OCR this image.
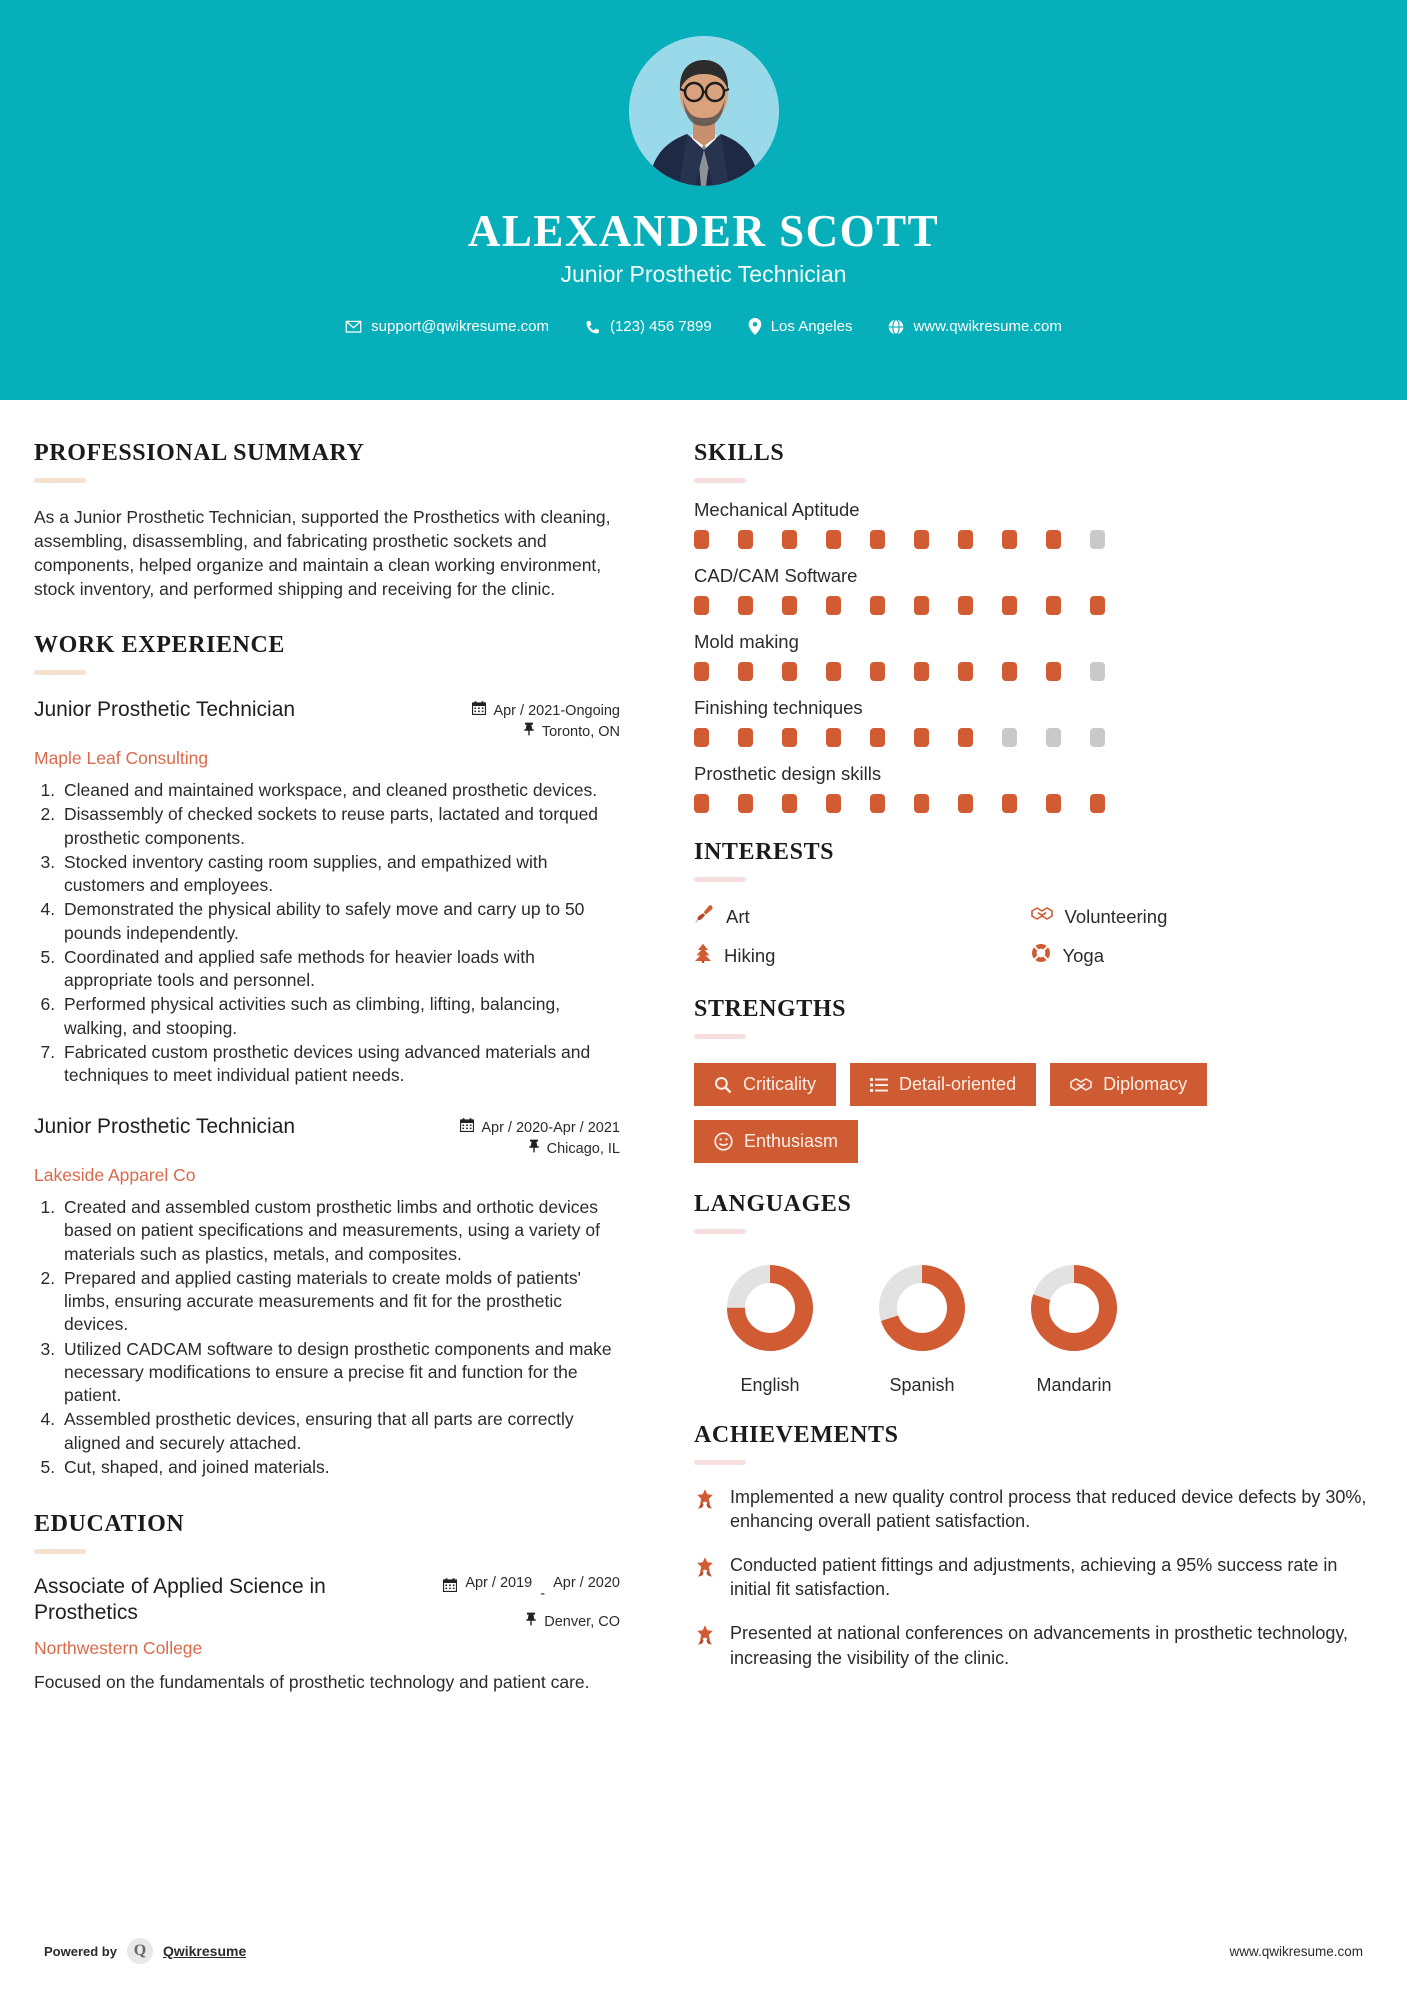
ALEXANDER SCOTT
Junior Prosthetic Technician
support@qwikresume.com	(123) 456 7899	Los Angeles	www.qwikresume.com
PROFESSIONAL SUMMARY
As a Junior Prosthetic Technician, supported the Prosthetics with cleaning, assembling, disassembling, and fabricating prosthetic sockets and components, helped organize and maintain a clean working environment, stock inventory, and performed shipping and receiving for the clinic.
WORK EXPERIENCE
Junior Prosthetic Technician	Apr / 2021-Ongoing
Toronto, ON
Maple Leaf Consulting
1. Cleaned and maintained workspace, and cleaned prosthetic devices.
2. Disassembly of checked sockets to reuse parts, lactated and torqued prosthetic components.
3. Stocked inventory casting room supplies, and empathized with customers and employees.
4. Demonstrated the physical ability to safely move and carry up to 50 pounds independently.
5. Coordinated and applied safe methods for heavier loads with appropriate tools and personnel.
6. Performed physical activities such as climbing, lifting, balancing, walking, and stooping.
7. Fabricated custom prosthetic devices using advanced materials and techniques to meet individual patient needs.
Junior Prosthetic Technician	Apr / 2020-Apr / 2021
Chicago, IL
Lakeside Apparel Co
1. Created and assembled custom prosthetic limbs and orthotic devices based on patient specifications and measurements, using a variety of materials such as plastics, metals, and composites.
2. Prepared and applied casting materials to create molds of patients' limbs, ensuring accurate measurements and fit for the prosthetic devices.
3. Utilized CADCAM software to design prosthetic components and make necessary modifications to ensure a precise fit and function for the patient.
4. Assembled prosthetic devices, ensuring that all parts are correctly aligned and securely attached.
5. Cut, shaped, and joined materials.
EDUCATION
Associate of Applied Science in Prosthetics
Apr / 2019
-
Apr / 2020
Denver, CO
Northwestern College
Focused on the fundamentals of prosthetic technology and patient care.
SKILLS
Mechanical Aptitude
CAD/CAM Software
Mold making
Finishing techniques
Prosthetic design skills
INTERESTS
Art	Volunteering
Hiking	Yoga
STRENGTHS
Criticality	Detail-oriented	Diplomacy
Enthusiasm
LANGUAGES
English	Spanish	Mandarin
ACHIEVEMENTS
Implemented a new quality control process that reduced device defects by 30%, enhancing overall patient satisfaction.
Conducted patient fittings and adjustments, achieving a 95% success rate in initial fit satisfaction.
Presented at national conferences on advancements in prosthetic technology, increasing the visibility of the clinic.
Powered by Q Qwikresume	www.qwikresume.com
